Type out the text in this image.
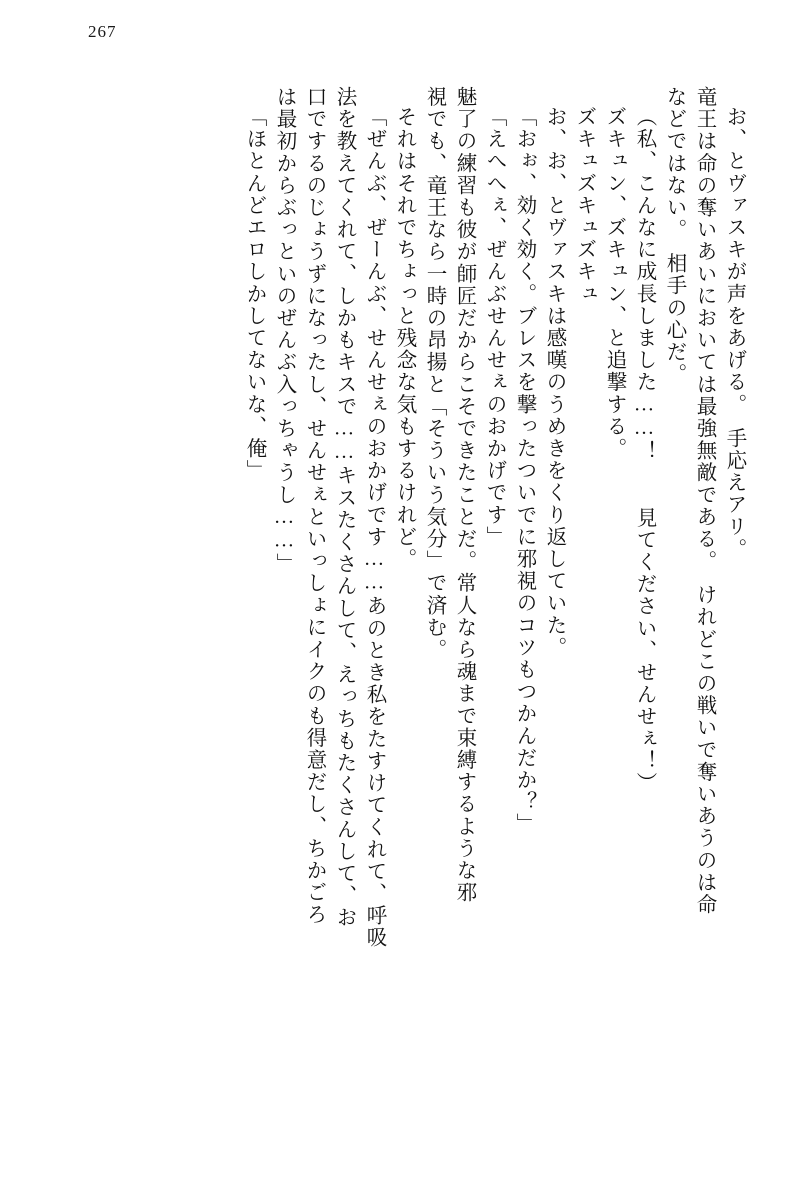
267
お、とヴァスキが声をあげる。　手応えアリ。
竜王は命の奪いあいにおいては最強無敵である。　けれどこの戦いで奪いあうのは命
などではない。　相手の心だ。
（私、こんなに成長しました……！　　見てください、せんせぇ！）
ズキュン、ズキュン、と追撃する。
ズキュズキュズキュ
お、お、とヴァスキは感嘆のうめきをくり返していた。
「おぉ、効く効く。ブレスを撃ったついでに邪視のコツもつかんだか？」
「えへへぇ、ぜんぶせんせぇのおかげです」
魅了の練習も彼が師匠だからこそできたことだ。常人なら魂まで束縛するような邪
視でも、竜王なら一時の昂揚と「そういう気分」で済む。
それはそれでちょっと残念な気もするけれど。
「ぜんぶ、ぜーんぶ、せんせぇのおかげです……あのとき私をたすけてくれて、呼吸
法を教えてくれて、しかもキスで……キスたくさんして、えっちもたくさんして、お
口でするのじょうずになったし、せんせぇといっしょにイクのも得意だし、ちかごろ
は最初からぶっといのぜんぶ入っちゃうし……」
「ほとんどエロしかしてないな、俺」
